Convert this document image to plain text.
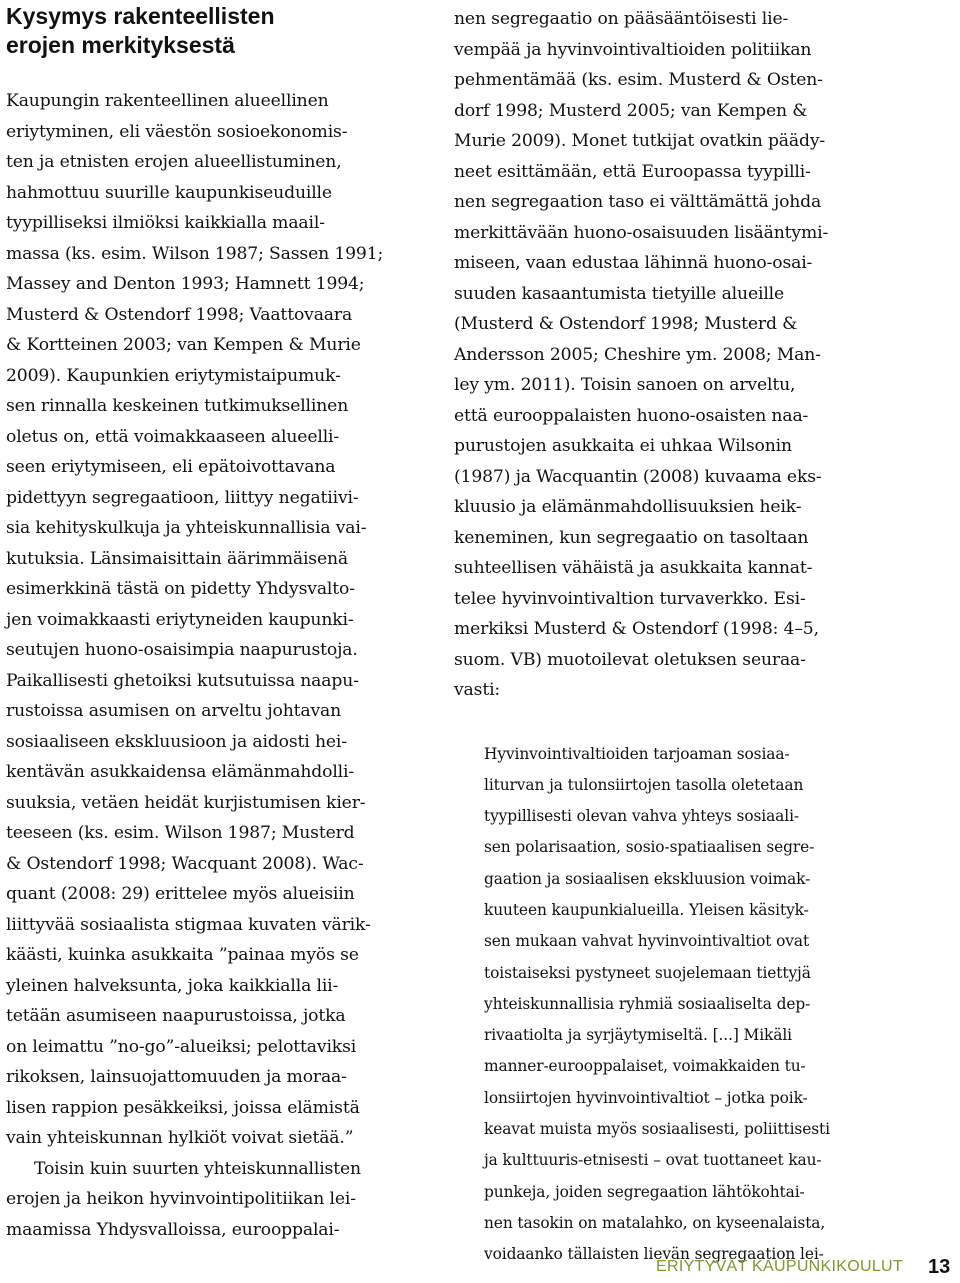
Kysymys rakenteellisten
erojen merkityksestä
Kaupungin rakenteellinen alueellinen
eriytyminen, eli väestön sosioekonomis-
ten ja etnisten erojen alueellistuminen,
hahmottuu suurille kaupunkiseuduille
tyypilliseksi ilmiöksi kaikkialla maail-
massa (ks. esim. Wilson 1987; Sassen 1991;
Massey and Denton 1993; Hamnett 1994;
Musterd & Ostendorf 1998; Vaattovaara
& Kortteinen 2003; van Kempen & Murie
2009). Kaupunkien eriytymistaipumuk-
sen rinnalla keskeinen tutkimuksellinen
oletus on, että voimakkaaseen alueelli-
seen eriytymiseen, eli epätoivottavana
pidettyyn segregaatioon, liittyy negatiivi-
sia kehityskulkuja ja yhteiskunnallisia vai-
kutuksia. Länsimaisittain äärimmäisenä
esimerkkinä tästä on pidetty Yhdysvalto-
jen voimakkaasti eriytyneiden kaupunki-
seutujen huono-osaisimpia naapurustoja.
Paikallisesti ghetoiksi kutsutuissa naapu-
rustoissa asumisen on arveltu johtavan
sosiaaliseen ekskluusioon ja aidosti hei-
kentävän asukkaidensa elämänmahdolli-
suuksia, vetäen heidät kurjistumisen kier-
teeseen (ks. esim. Wilson 1987; Musterd
& Ostendorf 1998; Wacquant 2008). Wac-
quant (2008: 29) erittelee myös alueisiin
liittyvää sosiaalista stigmaa kuvaten värik-
käästi, kuinka asukkaita ”painaa myös se
yleinen halveksunta, joka kaikkialla lii-
tetään asumiseen naapurustoissa, jotka
on leimattu ”no-go”-alueiksi; pelottaviksi
rikoksen, lainsuojattomuuden ja moraa-
lisen rappion pesäkkeiksi, joissa elämistä
vain yhteiskunnan hylkiöt voivat sietää.”
Toisin kuin suurten yhteiskunnallisten
erojen ja heikon hyvinvointipolitiikan lei-
maamissa Yhdysvalloissa, eurooppalai-
nen segregaatio on pääsääntöisesti lie-
vempää ja hyvinvointivaltioiden politiikan
pehmentämää (ks. esim. Musterd & Osten-
dorf 1998; Musterd 2005; van Kempen &
Murie 2009). Monet tutkijat ovatkin päädy-
neet esittämään, että Euroopassa tyypilli-
nen segregaation taso ei välttämättä johda
merkittävään huono-osaisuuden lisääntymi-
miseen, vaan edustaa lähinnä huono-osai-
suuden kasaantumista tietyille alueille
(Musterd & Ostendorf 1998; Musterd &
Andersson 2005; Cheshire ym. 2008; Man-
ley ym. 2011). Toisin sanoen on arveltu,
että eurooppalaisten huono-osaisten naa-
purustojen asukkaita ei uhkaa Wilsonin
(1987) ja Wacquantin (2008) kuvaama eks-
kluusio ja elämänmahdollisuuksien heik-
keneminen, kun segregaatio on tasoltaan
suhteellisen vähäistä ja asukkaita kannat-
telee hyvinvointivaltion turvaverkko. Esi-
merkiksi Musterd & Ostendorf (1998: 4–5,
suom. VB) muotoilevat oletuksen seuraa-
vasti:
Hyvinvointivaltioiden tarjoaman sosiaa-
liturvan ja tulonsiirtojen tasolla oletetaan
tyypillisesti olevan vahva yhteys sosiaali-
sen polarisaation, sosio-spatiaalisen segre-
gaation ja sosiaalisen ekskluusion voimak-
kuuteen kaupunkialueilla. Yleisen käsityk-
sen mukaan vahvat hyvinvointivaltiot ovat
toistaiseksi pystyneet suojelemaan tiettyjä
yhteiskunnallisia ryhmiä sosiaaliselta dep-
rivaatiolta ja syrjäytymiseltä. [...] Mikäli
manner-eurooppalaiset, voimakkaiden tu-
lonsiirtojen hyvinvointivaltiot – jotka poik-
keavat muista myös sosiaalisesti, poliittisesti
ja kulttuuris-etnisesti – ovat tuottaneet kau-
punkeja, joiden segregaation lähtökohtai-
nen tasokin on matalahko, on kyseenalaista,
voidaanko tällaisten lievän segregaation lei-
ERIYTYVÄT KAUPUNKIKOULUT 13
